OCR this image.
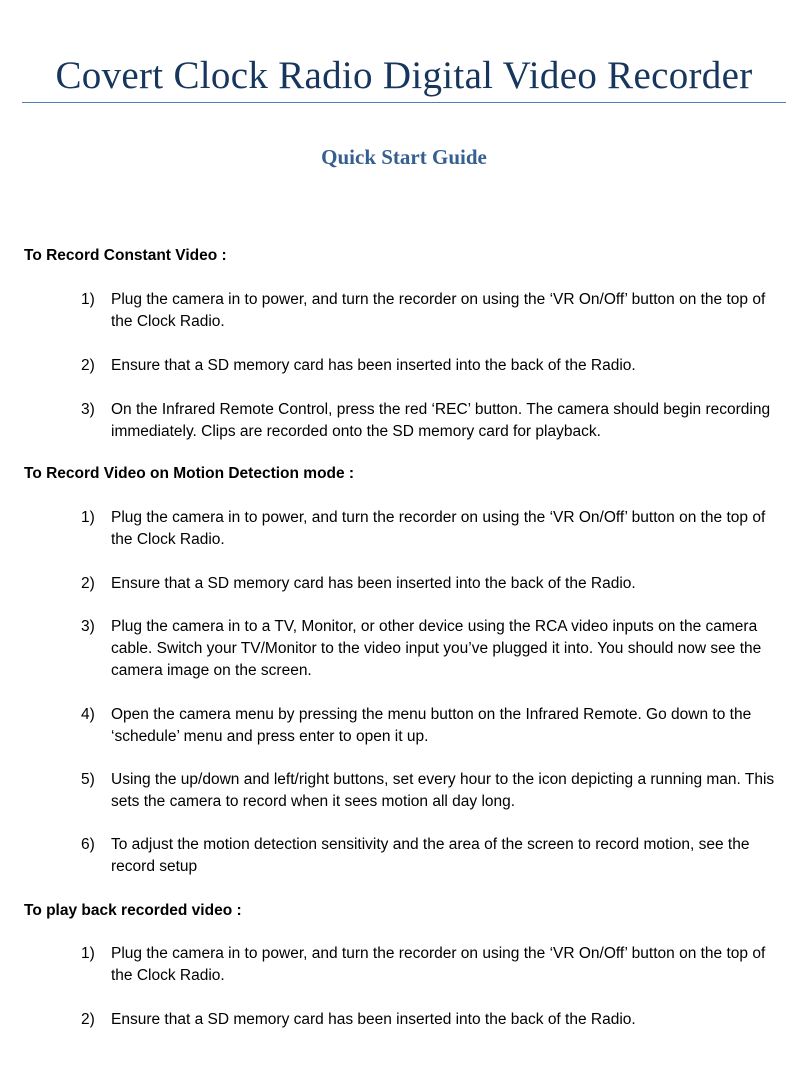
Covert Clock Radio Digital Video Recorder
Quick Start Guide
To Record Constant Video :
1)	Plug the camera in to power, and turn the recorder on using the ‘VR On/Off’ button on the top of the Clock Radio.
2)	Ensure that a SD memory card has been inserted into the back of the Radio.
3)	On the Infrared Remote Control, press the red ‘REC’ button. The camera should begin recording immediately. Clips are recorded onto the SD memory card for playback.
To Record Video on Motion Detection mode :
1)	Plug the camera in to power, and turn the recorder on using the ‘VR On/Off’ button on the top of the Clock Radio.
2)	Ensure that a SD memory card has been inserted into the back of the Radio.
3)	Plug the camera in to a TV, Monitor, or other device using the RCA video inputs on the camera cable. Switch your TV/Monitor to the video input you’ve plugged it into. You should now see the camera image on the screen.
4)	Open the camera menu by pressing the menu button on the Infrared Remote. Go down to the ‘schedule’ menu and press enter to open it up.
5)	Using the up/down and left/right buttons, set every hour to the icon depicting a running man. This sets the camera to record when it sees motion all day long.
6)	To adjust the motion detection sensitivity and the area of the screen to record motion, see the record setup
To play back recorded video :
1)	Plug the camera in to power, and turn the recorder on using the ‘VR On/Off’ button on the top of the Clock Radio.
2)	Ensure that a SD memory card has been inserted into the back of the Radio.
